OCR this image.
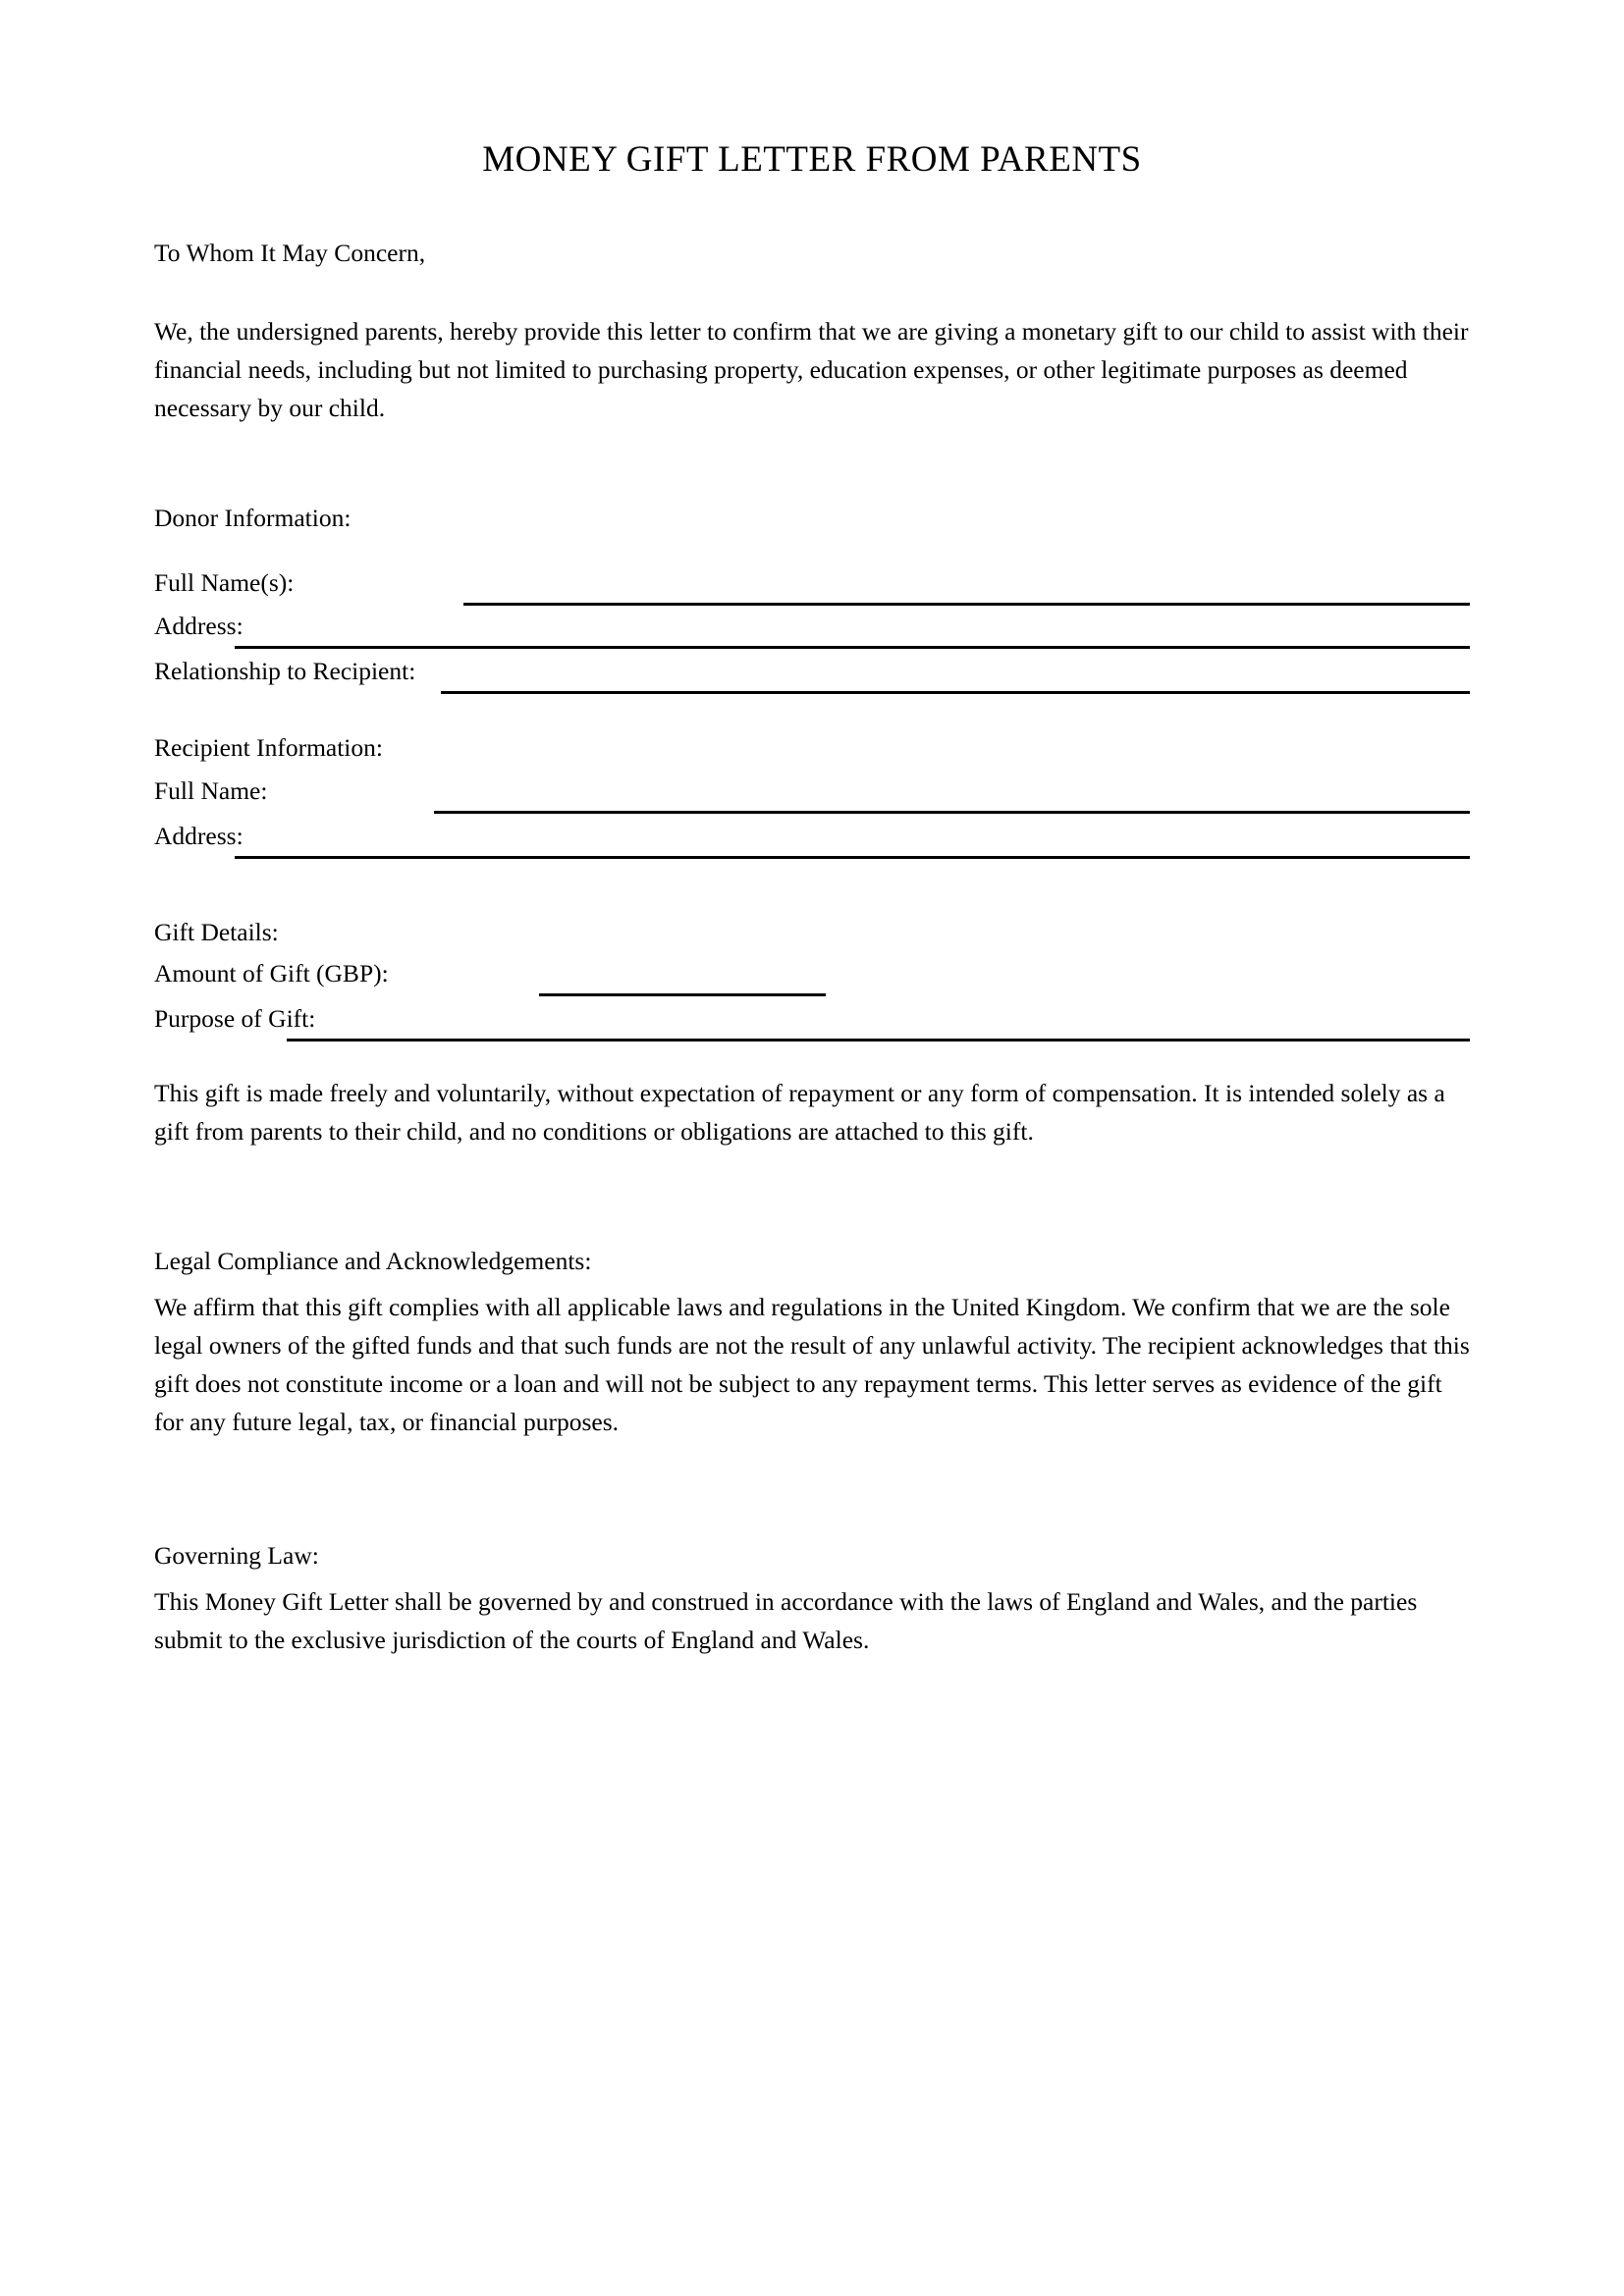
MONEY GIFT LETTER FROM PARENTS

To Whom It May Concern,

We, the undersigned parents, hereby provide this letter to confirm that we are giving a monetary gift to our child to assist with their financial needs, including but not limited to purchasing property, education expenses, or other legitimate purposes as deemed necessary by our child.

Donor Information:

Full Name(s):
Address:
Relationship to Recipient:

Recipient Information:

Full Name:
Address:

Gift Details:

Amount of Gift (GBP):
Purpose of Gift:

This gift is made freely and voluntarily, without expectation of repayment or any form of compensation. It is intended solely as a gift from parents to their child, and no conditions or obligations are attached to this gift.

Legal Compliance and Acknowledgements:

We affirm that this gift complies with all applicable laws and regulations in the United Kingdom. We confirm that we are the sole legal owners of the gifted funds and that such funds are not the result of any unlawful activity. The recipient acknowledges that this gift does not constitute income or a loan and will not be subject to any repayment terms. This letter serves as evidence of the gift for any future legal, tax, or financial purposes.

Governing Law:

This Money Gift Letter shall be governed by and construed in accordance with the laws of England and Wales, and the parties submit to the exclusive jurisdiction of the courts of England and Wales.
